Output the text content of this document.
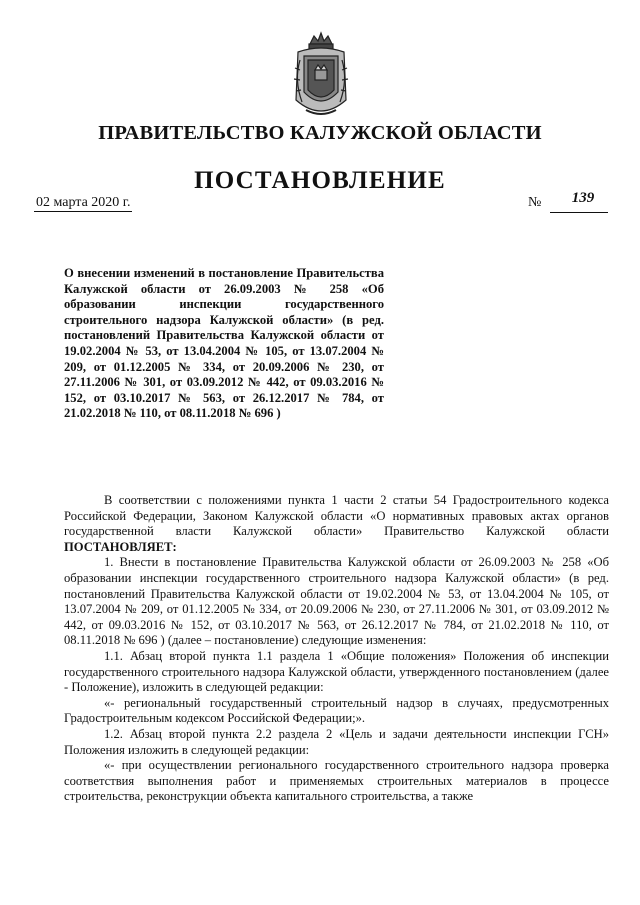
ПРАВИТЕЛЬСТВО КАЛУЖСКОЙ ОБЛАСТИ
ПОСТАНОВЛЕНИЕ
02 марта 2020 г.	№	139
О внесении изменений в постановление Правительства Калужской области от 26.09.2003 № 258 «Об образовании инспекции государственного строительного надзора Калужской области» (в ред. постановлений Правительства Калужской области от 19.02.2004 № 53, от 13.04.2004 № 105, от 13.07.2004 № 209, от 01.12.2005 № 334, от 20.09.2006 № 230, от 27.11.2006 № 301, от 03.09.2012 № 442, от 09.03.2016 № 152, от 03.10.2017 № 563, от 26.12.2017 № 784, от 21.02.2018 № 110, от 08.11.2018 № 696 )

В соответствии с положениями пункта 1 части 2 статьи 54 Градостроительного кодекса Российской Федерации, Законом Калужской области «О нормативных правовых актах органов государственной власти Калужской области» Правительство Калужской области ПОСТАНОВЛЯЕТ:

1. Внести в постановление Правительства Калужской области от 26.09.2003 № 258 «Об образовании инспекции государственного строительного надзора Калужской области» (в ред. постановлений Правительства Калужской области от 19.02.2004 № 53, от 13.04.2004 № 105, от 13.07.2004 № 209, от 01.12.2005 № 334, от 20.09.2006 № 230, от 27.11.2006 № 301, от 03.09.2012 № 442, от 09.03.2016 № 152, от 03.10.2017 № 563, от 26.12.2017 № 784, от 21.02.2018 № 110, от 08.11.2018 № 696 ) (далее – постановление) следующие изменения:

1.1. Абзац второй пункта 1.1 раздела 1 «Общие положения» Положения об инспекции государственного строительного надзора Калужской области, утвержденного постановлением (далее - Положение), изложить в следующей редакции:

«- региональный государственный строительный надзор в случаях, предусмотренных Градостроительным кодексом Российской Федерации;».

1.2. Абзац второй пункта 2.2 раздела 2 «Цель и задачи деятельности инспекции ГСН» Положения изложить в следующей редакции:

«- при осуществлении регионального государственного строительного надзора проверка соответствия выполнения работ и применяемых строительных материалов в процессе строительства, реконструкции объекта капитального строительства, а также
